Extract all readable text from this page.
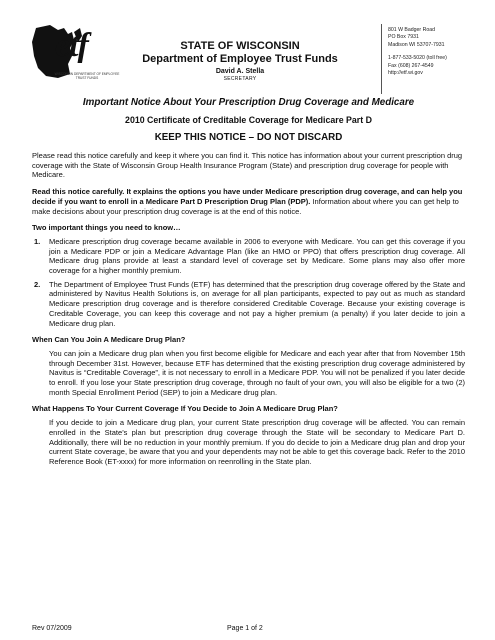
etf
WISCONSIN DEPARTMENT OF EMPLOYEE TRUST FUNDS
STATE OF WISCONSIN
Department of Employee Trust Funds
David A. Stella
SECRETARY
801 W Badger Road
PO Box 7931
Madison WI 53707-7931
1-877-533-5020 (toll free)
Fax (608) 267-4549
http://etf.wi.gov
Important Notice About Your Prescription Drug Coverage and Medicare
2010 Certificate of Creditable Coverage for Medicare Part D
KEEP THIS NOTICE – DO NOT DISCARD

Please read this notice carefully and keep it where you can find it. This notice has information about your current prescription drug coverage with the State of Wisconsin Group Health Insurance Program (State) and prescription drug coverage for people with Medicare.

Read this notice carefully. It explains the options you have under Medicare prescription drug coverage, and can help you decide if you want to enroll in a Medicare Part D Prescription Drug Plan (PDP). Information about where you can get help to make decisions about your prescription drug coverage is at the end of this notice.

Two important things you need to know…
1. Medicare prescription drug coverage became available in 2006 to everyone with Medicare. You can get this coverage if you join a Medicare PDP or join a Medicare Advantage Plan (like an HMO or PPO) that offers prescription drug coverage. All Medicare drug plans provide at least a standard level of coverage set by Medicare. Some plans may also offer more coverage for a higher monthly premium.
2. The Department of Employee Trust Funds (ETF) has determined that the prescription drug coverage offered by the State and administered by Navitus Health Solutions is, on average for all plan participants, expected to pay out as much as standard Medicare prescription drug coverage and is therefore considered Creditable Coverage. Because your existing coverage is Creditable Coverage, you can keep this coverage and not pay a higher premium (a penalty) if you later decide to join a Medicare drug plan.
When Can You Join A Medicare Drug Plan?

You can join a Medicare drug plan when you first become eligible for Medicare and each year after that from November 15th through December 31st. However, because ETF has determined that the existing prescription drug coverage administered by Navitus is “Creditable Coverage”, it is not necessary to enroll in a Medicare PDP. You will not be penalized if you later decide to enroll. If you lose your State prescription drug coverage, through no fault of your own, you will also be eligible for a two (2) month Special Enrollment Period (SEP) to join a Medicare drug plan.

What Happens To Your Current Coverage If You Decide to Join A Medicare Drug Plan?

If you decide to join a Medicare drug plan, your current State prescription drug coverage will be affected. You can remain enrolled in the State’s plan but prescription drug coverage through the State will be secondary to Medicare Part D. Additionally, there will be no reduction in your monthly premium. If you do decide to join a Medicare drug plan and drop your current State coverage, be aware that you and your dependents may not be able to get this coverage back. Refer to the 2010 Reference Book (ET-xxxx) for more information on reenrolling in the State plan.

Rev 07/2009	Page 1 of 2
